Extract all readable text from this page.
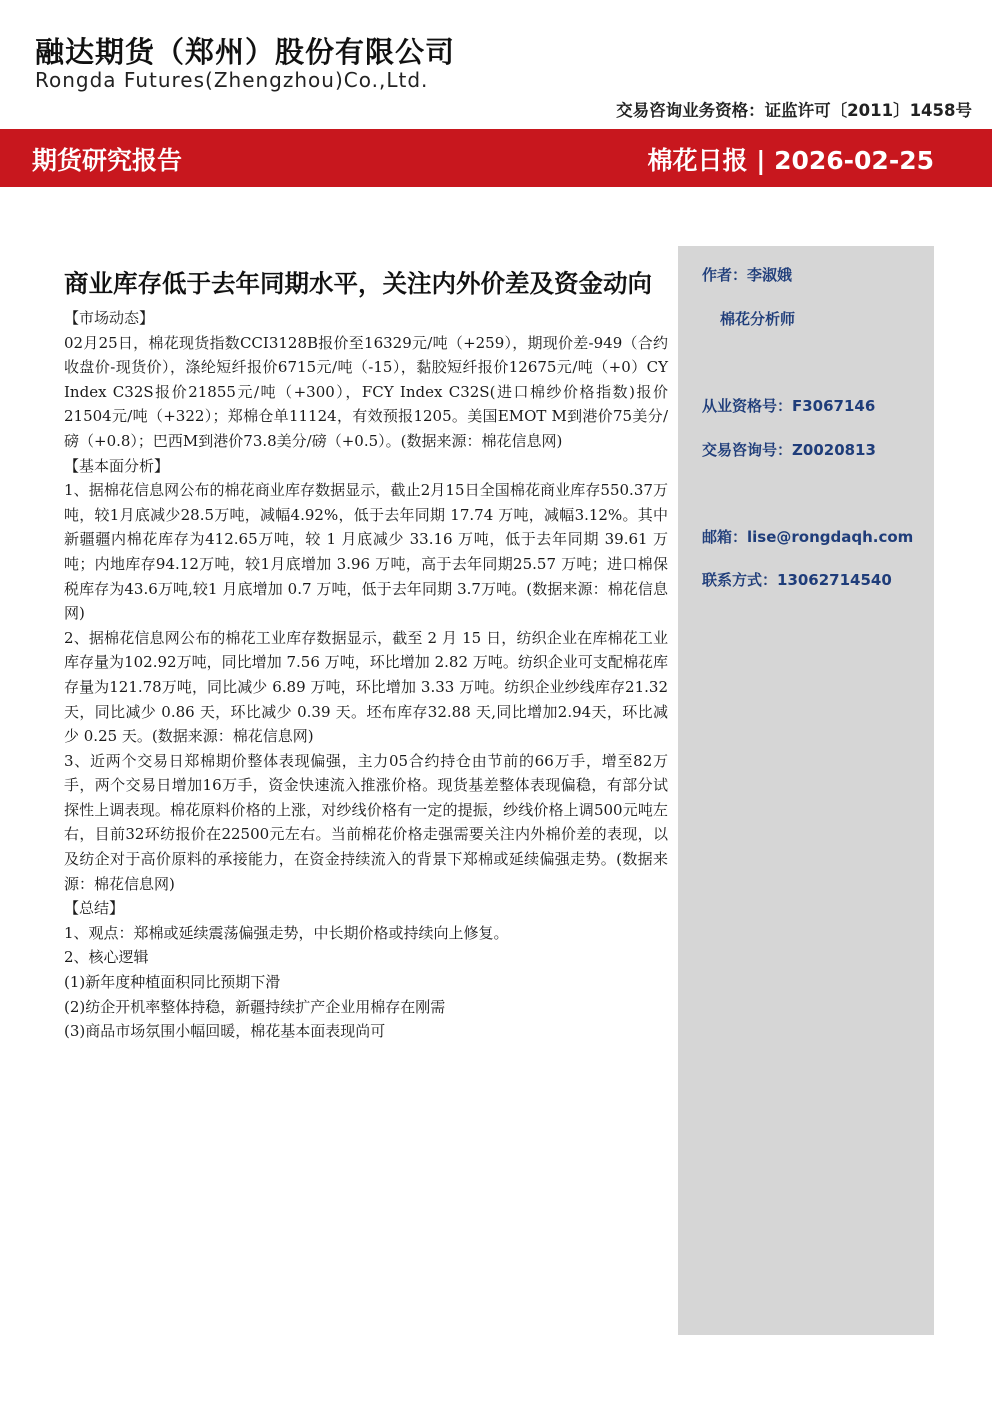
融达期货（郑州）股份有限公司
Rongda Futures(Zhengzhou)Co.,Ltd.
交易咨询业务资格：证监许可〔2011〕1458号
期货研究报告	棉花日报 | 2026-02-25
商业库存低于去年同期水平，关注内外价差及资金动向

【市场动态】

02月25日，棉花现货指数CCI3128B报价至16329元/吨（+259），期现价差-949（合约收盘价-现货价），涤纶短纤报价6715元/吨（-15），黏胶短纤报价12675元/吨（+0）CY Index C32S报价21855元/吨（+300），FCY Index C32S(进口棉纱价格指数)报价21504元/吨（+322）；郑棉仓单11124，有效预报1205。美国EMOT M到港价75美分/磅（+0.8）；巴西M到港价73.8美分/磅（+0.5）。(数据来源：棉花信息网)

【基本面分析】

1、据棉花信息网公布的棉花商业库存数据显示，截止2月15日全国棉花商业库存550.37万吨，较1月底减少28.5万吨，减幅4.92%，低于去年同期 17.74 万吨，减幅3.12%。其中新疆疆内棉花库存为412.65万吨，较 1 月底减少 33.16 万吨，低于去年同期 39.61 万吨；内地库存94.12万吨，较1月底增加 3.96 万吨，高于去年同期25.57 万吨；进口棉保税库存为43.6万吨,较1 月底增加 0.7 万吨，低于去年同期 3.7万吨。(数据来源：棉花信息网)

2、据棉花信息网公布的棉花工业库存数据显示，截至 2 月 15 日，纺织企业在库棉花工业库存量为102.92万吨，同比增加 7.56 万吨，环比增加 2.82 万吨。纺织企业可支配棉花库存量为121.78万吨，同比减少 6.89 万吨，环比增加 3.33 万吨。纺织企业纱线库存21.32天，同比减少 0.86 天，环比减少 0.39 天。坯布库存32.88 天,同比增加2.94天，环比减少 0.25 天。(数据来源：棉花信息网)

3、近两个交易日郑棉期价整体表现偏强，主力05合约持仓由节前的66万手，增至82万手，两个交易日增加16万手，资金快速流入推涨价格。现货基差整体表现偏稳，有部分试探性上调表现。棉花原料价格的上涨，对纱线价格有一定的提振，纱线价格上调500元吨左右，目前32环纺报价在22500元左右。当前棉花价格走强需要关注内外棉价差的表现，以及纺企对于高价原料的承接能力，在资金持续流入的背景下郑棉或延续偏强走势。(数据来源：棉花信息网)

【总结】

1、观点：郑棉或延续震荡偏强走势，中长期价格或持续向上修复。

2、核心逻辑

(1)新年度种植面积同比预期下滑

(2)纺企开机率整体持稳，新疆持续扩产企业用棉存在刚需

(3)商品市场氛围小幅回暖，棉花基本面表现尚可

作者：李淑娥
棉花分析师
从业资格号：F3067146
交易咨询号：Z0020813
邮箱：lise@rongdaqh.com
联系方式：13062714540
